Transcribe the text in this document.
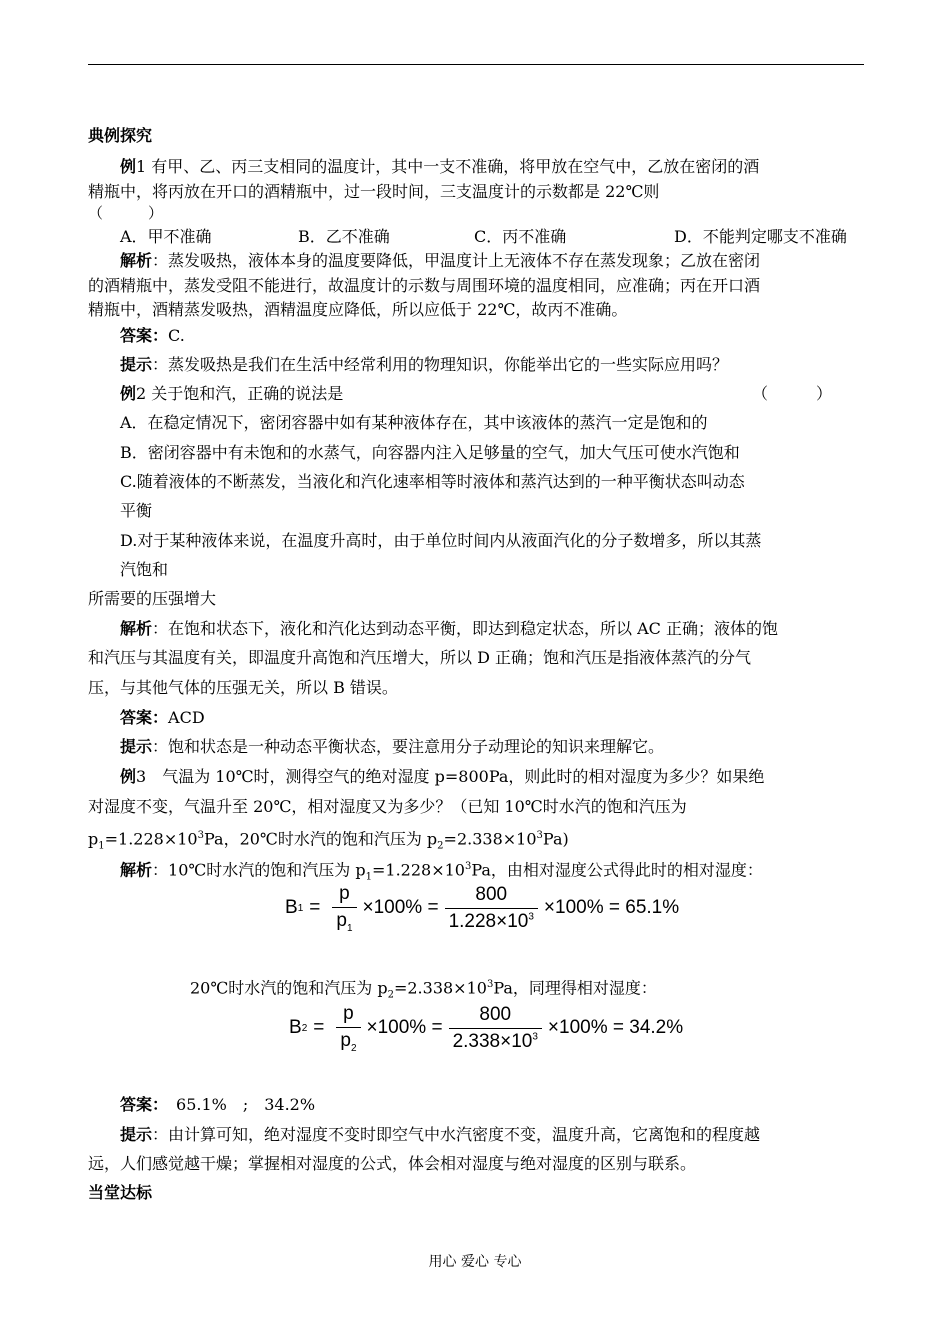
典例探究
例1 有甲、乙、丙三支相同的温度计，其中一支不准确，将甲放在空气中，乙放在密闭的酒
精瓶中，将丙放在开口的酒精瓶中，过一段时间，三支温度计的示数都是 22℃则
（　　　）
A．甲不准确	B．乙不准确	C．丙不准确	D．不能判定哪支不准确
解析：蒸发吸热，液体本身的温度要降低，甲温度计上无液体不存在蒸发现象；乙放在密闭
的酒精瓶中，蒸发受阻不能进行，故温度计的示数与周围环境的温度相同，应准确；丙在开口酒
精瓶中，酒精蒸发吸热，酒精温度应降低，所以应低于 22℃，故丙不准确。
答案：C.
提示：蒸发吸热是我们在生活中经常利用的物理知识，你能举出它的一些实际应用吗？
例2 关于饱和汽，正确的说法是	（　　　）
A．在稳定情况下，密闭容器中如有某种液体存在，其中该液体的蒸汽一定是饱和的
B．密闭容器中有未饱和的水蒸气，向容器内注入足够量的空气，加大气压可使水汽饱和
C.随着液体的不断蒸发，当液化和汽化速率相等时液体和蒸汽达到的一种平衡状态叫动态
平衡
D.对于某种液体来说，在温度升高时，由于单位时间内从液面汽化的分子数增多，所以其蒸
汽饱和
所需要的压强增大
解析：在饱和状态下，液化和汽化达到动态平衡，即达到稳定状态，所以 AC 正确；液体的饱
和汽压与其温度有关，即温度升高饱和汽压增大，所以 D 正确；饱和汽压是指液体蒸汽的分气
压，与其他气体的压强无关，所以 B 错误。
答案：ACD
提示：饱和状态是一种动态平衡状态，要注意用分子动理论的知识来理解它。
例3　气温为 10℃时，测得空气的绝对湿度 p=800Pa，则此时的相对湿度为多少？如果绝
对湿度不变，气温升至 20℃，相对湿度又为多少？（已知 10℃时水汽的饱和汽压为
$p_1=1.228\times 10^3Pa$，20℃时水汽的饱和汽压为 $p_2=2.338\times 10^3Pa$)
解析：10℃时水汽的饱和汽压为 $p_1=1.228\times 10^3Pa$，由相对湿度公式得此时的相对湿度：
B $1 = \frac{p}{p_1} \times 100\% = \frac{800}{1.228\times 10^3} \times 100\% = 65.1\%$
20℃时水汽的饱和汽压为 $p_2=2.338\times 10^3Pa$，同理得相对湿度：
B $2 = \frac{p}{p_2} \times 100\% = \frac{800}{2.338\times 10^3} \times 100\% = 34.2\%$
答案：　65.1%　;　34.2%
提示：由计算可知，绝对湿度不变时即空气中水汽密度不变，温度升高，它离饱和的程度越
远，人们感觉越干燥；掌握相对湿度的公式，体会相对湿度与绝对湿度的区别与联系。
当堂达标
用心 爱心 专心
